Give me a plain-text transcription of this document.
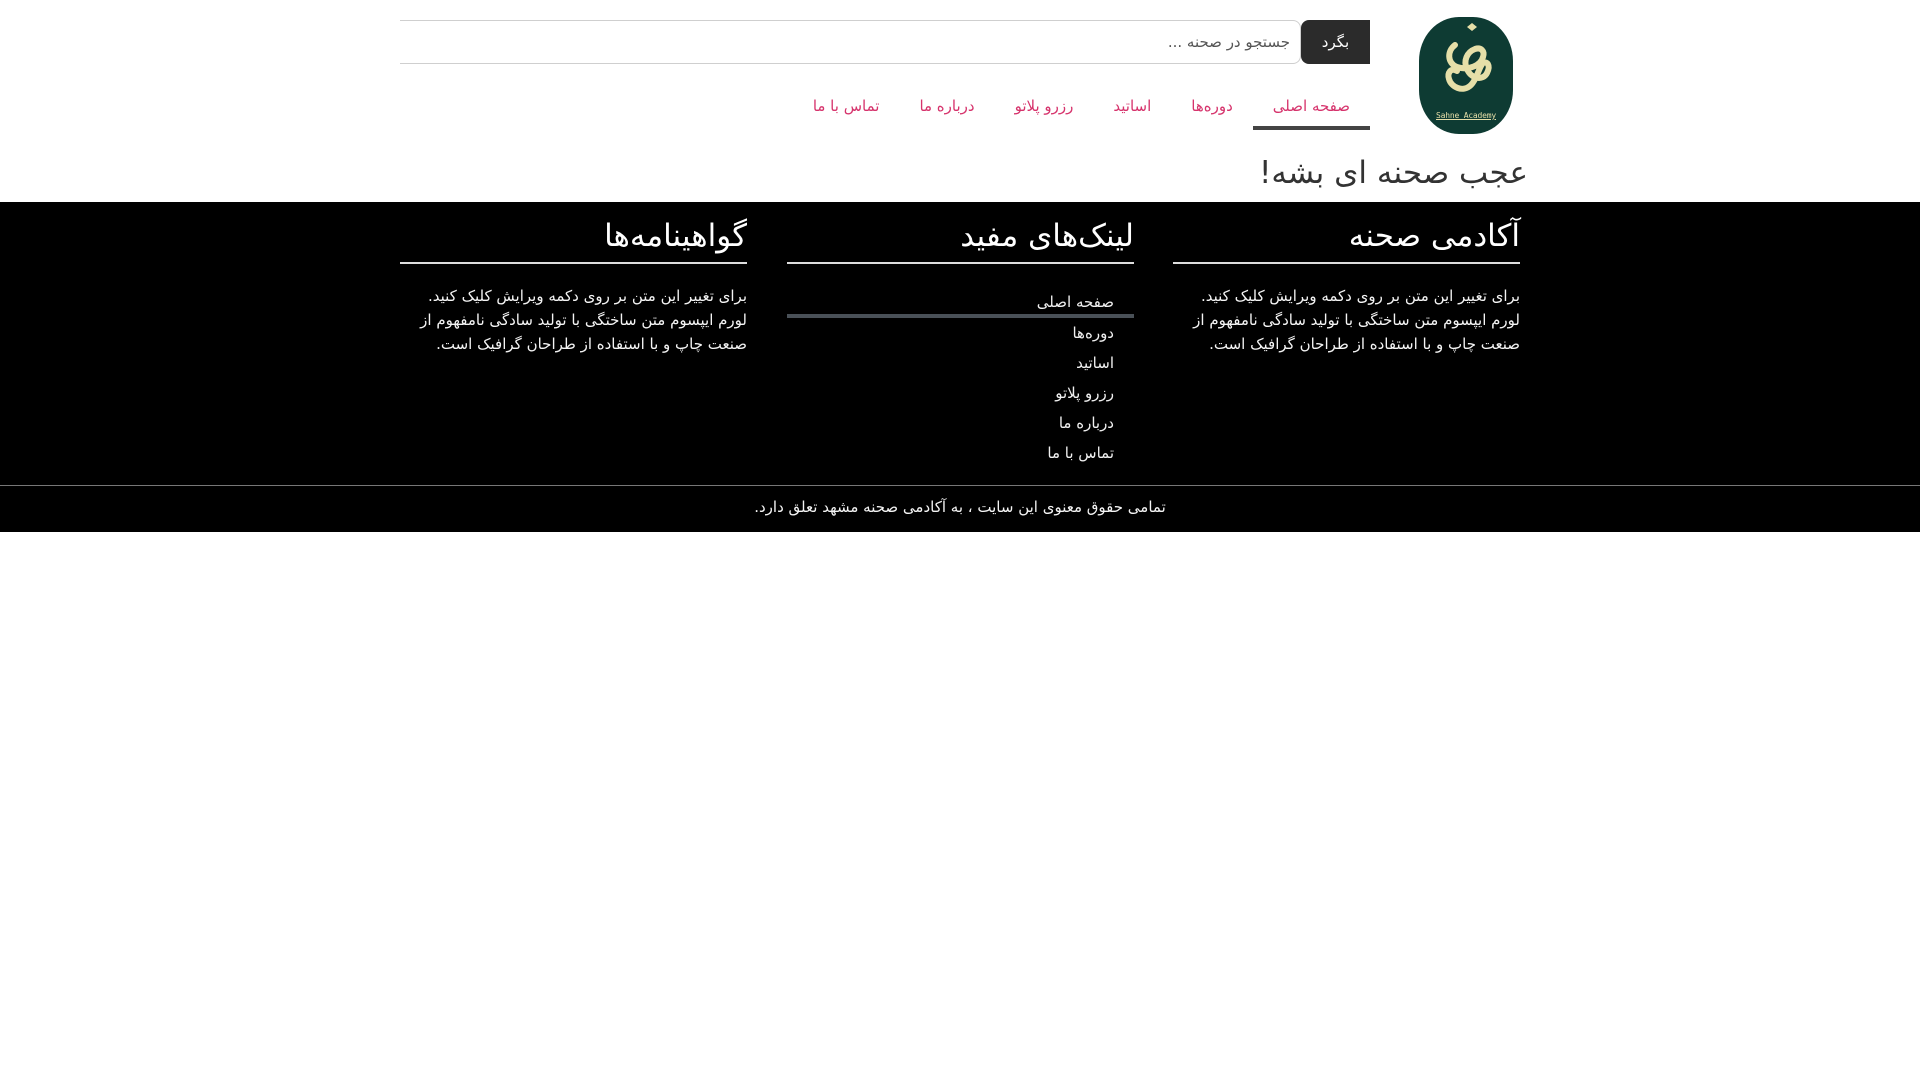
Sahne Academy
جستجو در صحنه ...
بگرد
صفحه اصلی
دوره‌ها
اساتید
رزرو پلاتو
درباره ما
تماس با ما
عجب صحنه ای بشه!
آکادمی صحنه

برای تغییر این متن بر روی دکمه ویرایش کلیک کنید. لورم ایپسوم متن ساختگی با تولید سادگی نامفهوم از صنعت چاپ و با استفاده از طراحان گرافیک است.

لینک‌های مفید
صفحه اصلی
دوره‌ها
اساتید
رزرو پلاتو
درباره ما
تماس با ما
گواهینامه‌ها

برای تغییر این متن بر روی دکمه ویرایش کلیک کنید. لورم ایپسوم متن ساختگی با تولید سادگی نامفهوم از صنعت چاپ و با استفاده از طراحان گرافیک است.

تمامی حقوق معنوی این سایت ، به آکادمی صحنه مشهد تعلق دارد.
